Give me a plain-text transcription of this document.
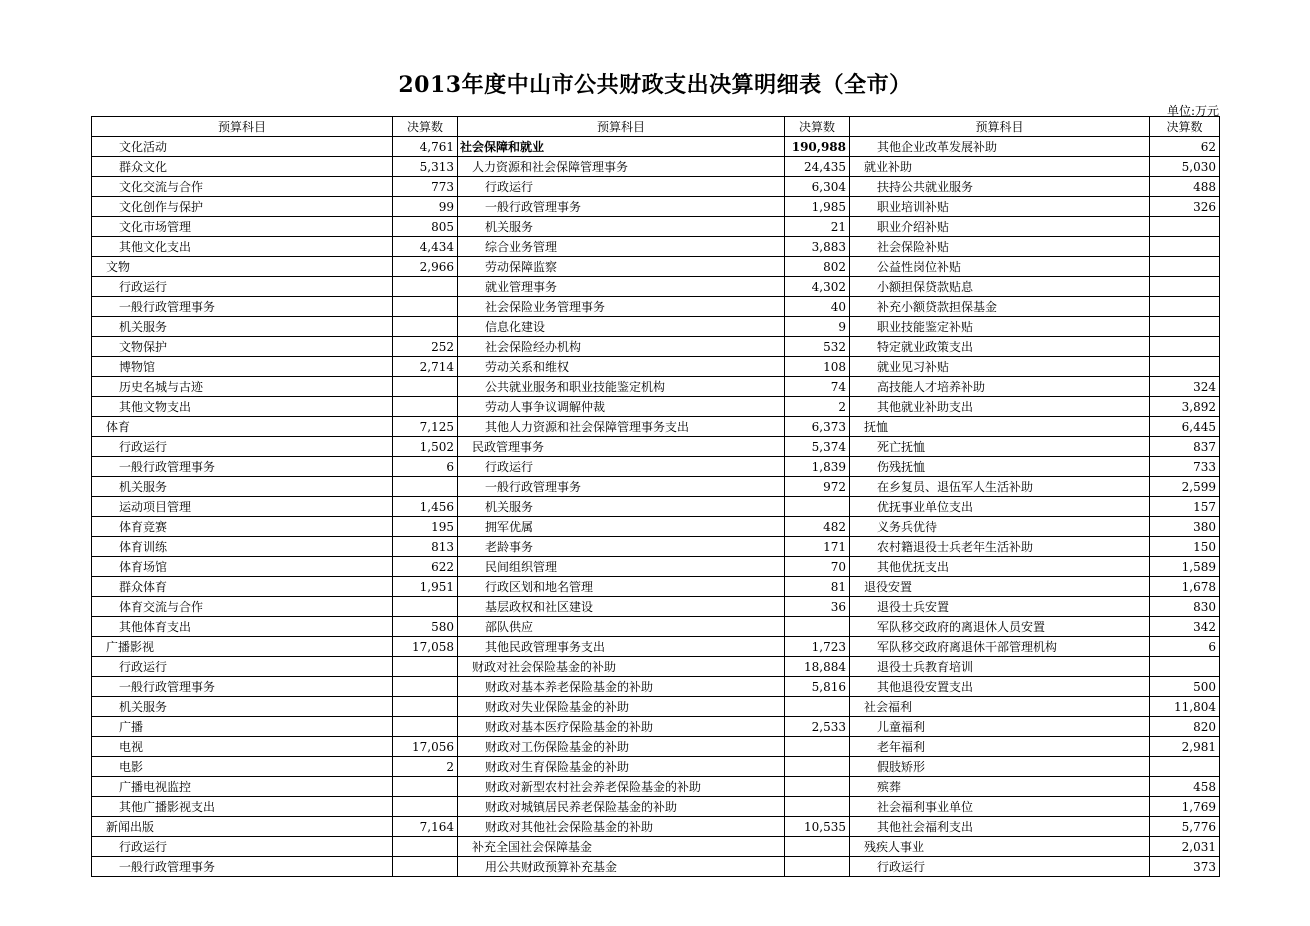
2013年度中山市公共财政支出决算明细表（全市）
单位:万元
预算科目	决算数	预算科目	决算数	预算科目	决算数
文化活动	4,761	社会保障和就业	190,988	其他企业改革发展补助	62
群众文化	5,313	人力资源和社会保障管理事务	24,435	就业补助	5,030
文化交流与合作	773	行政运行	6,304	扶持公共就业服务	488
文化创作与保护	99	一般行政管理事务	1,985	职业培训补贴	326
文化市场管理	805	机关服务	21	职业介绍补贴	
其他文化支出	4,434	综合业务管理	3,883	社会保险补贴	
文物	2,966	劳动保障监察	802	公益性岗位补贴	
行政运行		就业管理事务	4,302	小额担保贷款贴息	
一般行政管理事务		社会保险业务管理事务	40	补充小额贷款担保基金	
机关服务		信息化建设	9	职业技能鉴定补贴	
文物保护	252	社会保险经办机构	532	特定就业政策支出	
博物馆	2,714	劳动关系和维权	108	就业见习补贴	
历史名城与古迹		公共就业服务和职业技能鉴定机构	74	高技能人才培养补助	324
其他文物支出		劳动人事争议调解仲裁	2	其他就业补助支出	3,892
体育	7,125	其他人力资源和社会保障管理事务支出	6,373	抚恤	6,445
行政运行	1,502	民政管理事务	5,374	死亡抚恤	837
一般行政管理事务	6	行政运行	1,839	伤残抚恤	733
机关服务		一般行政管理事务	972	在乡复员、退伍军人生活补助	2,599
运动项目管理	1,456	机关服务		优抚事业单位支出	157
体育竞赛	195	拥军优属	482	义务兵优待	380
体育训练	813	老龄事务	171	农村籍退役士兵老年生活补助	150
体育场馆	622	民间组织管理	70	其他优抚支出	1,589
群众体育	1,951	行政区划和地名管理	81	退役安置	1,678
体育交流与合作		基层政权和社区建设	36	退役士兵安置	830
其他体育支出	580	部队供应		军队移交政府的离退休人员安置	342
广播影视	17,058	其他民政管理事务支出	1,723	军队移交政府离退休干部管理机构	6
行政运行		财政对社会保险基金的补助	18,884	退役士兵教育培训	
一般行政管理事务		财政对基本养老保险基金的补助	5,816	其他退役安置支出	500
机关服务		财政对失业保险基金的补助		社会福利	11,804
广播		财政对基本医疗保险基金的补助	2,533	儿童福利	820
电视	17,056	财政对工伤保险基金的补助		老年福利	2,981
电影	2	财政对生育保险基金的补助		假肢矫形	
广播电视监控		财政对新型农村社会养老保险基金的补助		殡葬	458
其他广播影视支出		财政对城镇居民养老保险基金的补助		社会福利事业单位	1,769
新闻出版	7,164	财政对其他社会保险基金的补助	10,535	其他社会福利支出	5,776
行政运行		补充全国社会保障基金		残疾人事业	2,031
一般行政管理事务		用公共财政预算补充基金		行政运行	373
